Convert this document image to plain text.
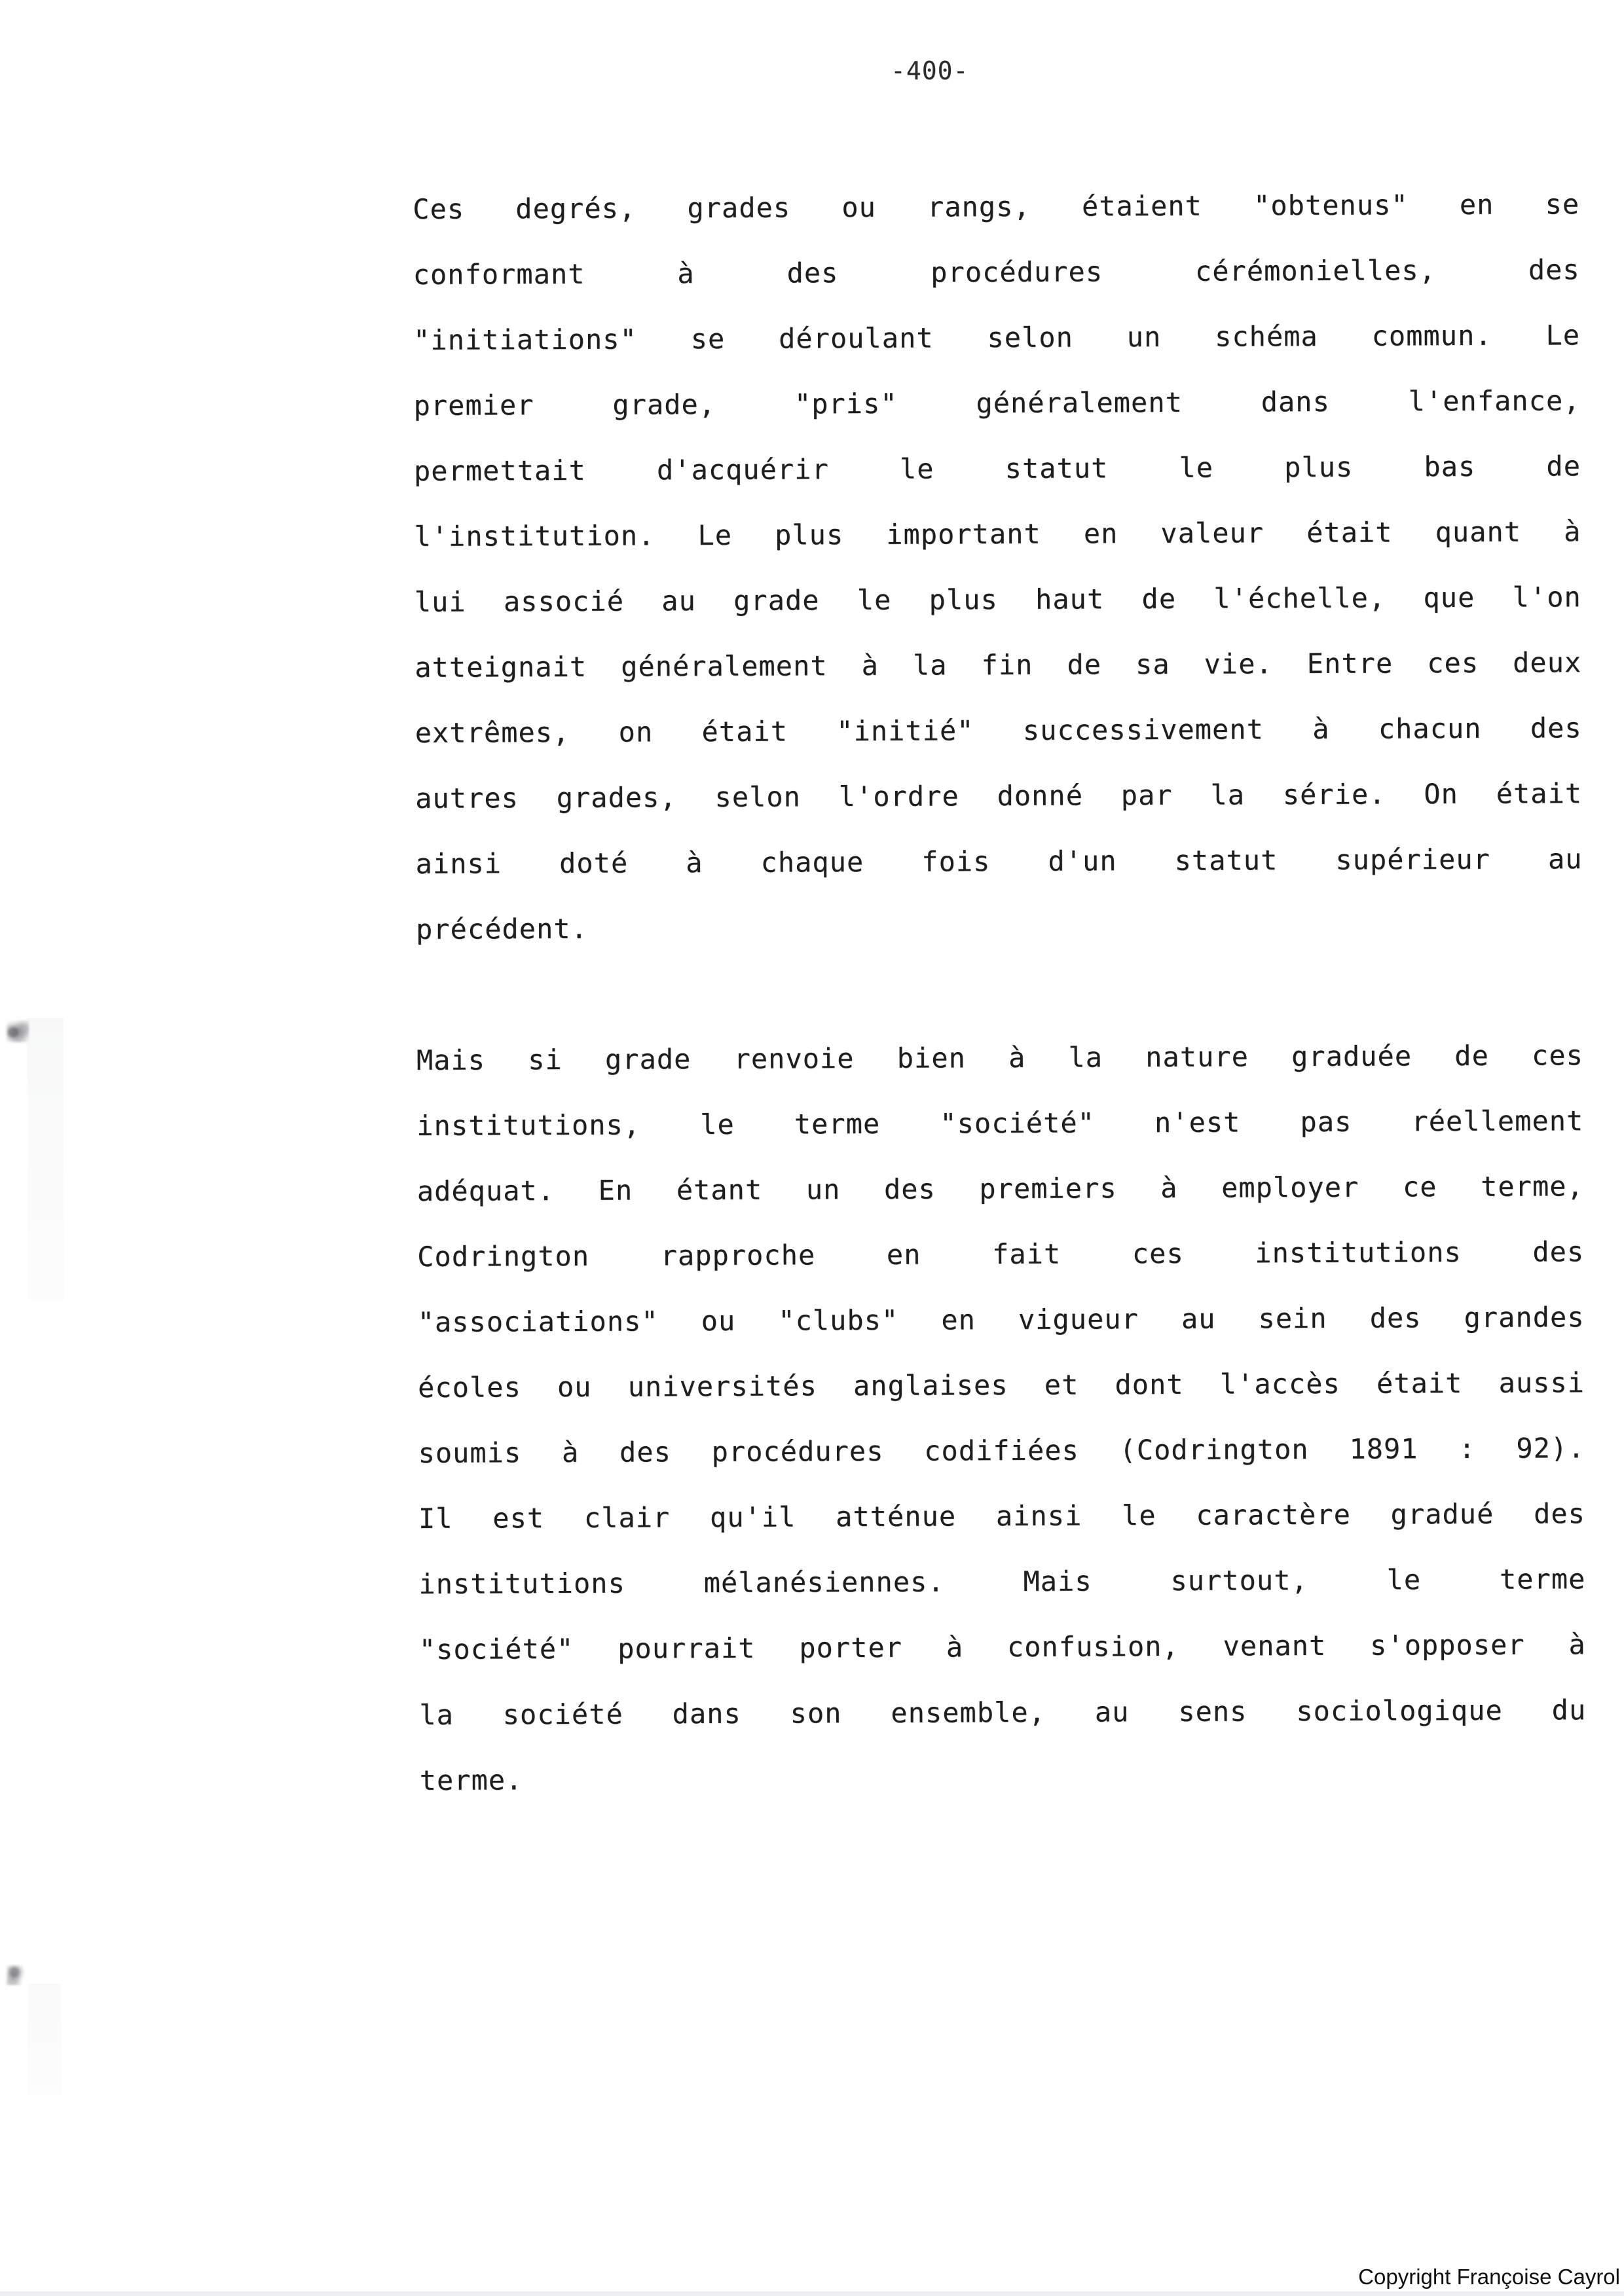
-400-
Ces degrés, grades ou rangs, étaient "obtenus" en se
conformant	à	des	procédures	cérémonielles,	des
"initiations" se déroulant selon un schéma commun. Le
premier	grade,	"pris"	généralement	dans	l'enfance,
permettait	d'acquérir	le	statut	le	plus	bas	de
l'institution. Le plus important en valeur était quant à
lui associé au grade le plus haut de l'échelle, que l'on
atteignait généralement à la fin de sa vie. Entre ces deux
extrêmes, on était "initié" successivement à chacun des
autres grades, selon l'ordre donné par la série. On était
ainsi doté à chaque fois d'un statut supérieur au
précédent.
Mais si grade renvoie bien à la nature graduée de ces
institutions, le terme "société" n'est pas réellement
adéquat. En étant un des premiers à employer ce terme,
Codrington	rapproche	en	fait	ces	institutions	des
"associations" ou "clubs" en vigueur au sein des grandes
écoles ou universités anglaises et dont l'accès était aussi
soumis à des procédures codifiées (Codrington 1891 : 92).
Il est clair qu'il atténue ainsi le caractère gradué des
institutions	mélanésiennes.	Mais	surtout,	le	terme
"société" pourrait porter à confusion, venant s'opposer à
la société dans son ensemble, au sens sociologique du
terme.
Copyright Françoise Cayrol
